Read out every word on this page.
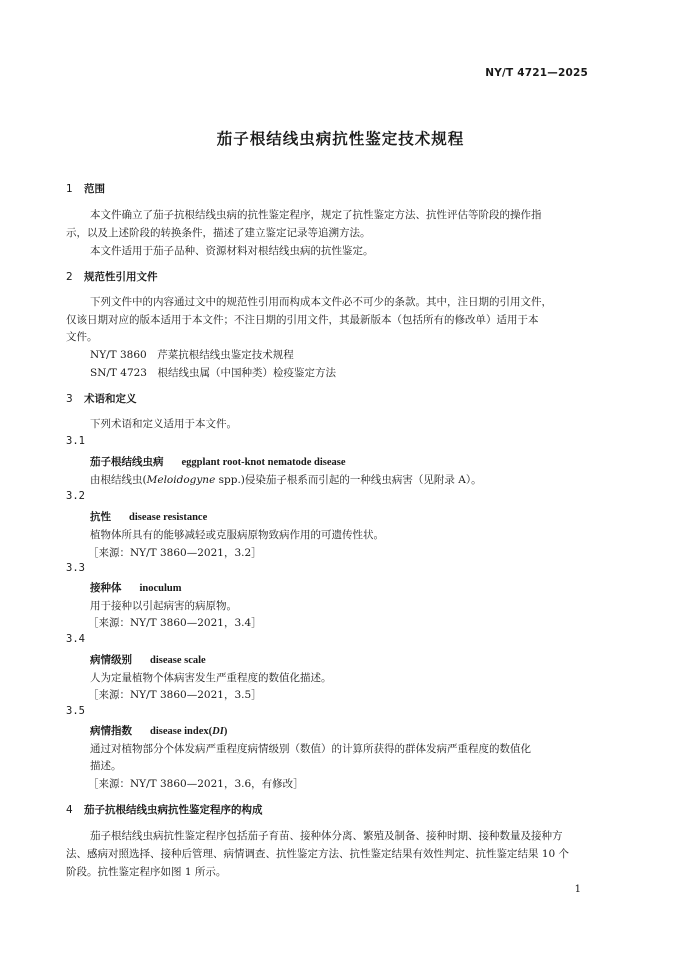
NY/T 4721—2025
茄子根结线虫病抗性鉴定技术规程
1 范围
本文件确立了茄子抗根结线虫病的抗性鉴定程序，规定了抗性鉴定方法、抗性评估等阶段的操作指
示，以及上述阶段的转换条件，描述了建立鉴定记录等追溯方法。
本文件适用于茄子品种、资源材料对根结线虫病的抗性鉴定。
2 规范性引用文件
下列文件中的内容通过文中的规范性引用而构成本文件必不可少的条款。其中，注日期的引用文件，
仅该日期对应的版本适用于本文件；不注日期的引用文件，其最新版本（包括所有的修改单）适用于本
文件。
NY/T 3860　芹菜抗根结线虫鉴定技术规程
SN/T 4723　根结线虫属（中国种类）检疫鉴定方法
3 术语和定义
下列术语和定义适用于本文件。
3.1
茄子根结线虫病 eggplant root-knot nematode disease
由根结线虫(Meloidogyne spp.)侵染茄子根系而引起的一种线虫病害（见附录 A）。
3.2
抗性 disease resistance
植物体所具有的能够减轻或克服病原物致病作用的可遗传性状。
［来源：NY/T 3860—2021，3.2］
3.3
接种体 inoculum
用于接种以引起病害的病原物。
［来源：NY/T 3860—2021，3.4］
3.4
病情级别 disease scale
人为定量植物个体病害发生严重程度的数值化描述。
［来源：NY/T 3860—2021，3.5］
3.5
病情指数 disease index(DI)
通过对植物部分个体发病严重程度病情级别（数值）的计算所获得的群体发病严重程度的数值化
描述。
［来源：NY/T 3860—2021，3.6，有修改］
4 茄子抗根结线虫病抗性鉴定程序的构成
茄子根结线虫病抗性鉴定程序包括茄子育苗、接种体分离、繁殖及制备、接种时期、接种数量及接种方
法、感病对照选择、接种后管理、病情调查、抗性鉴定方法、抗性鉴定结果有效性判定、抗性鉴定结果 10 个
阶段。抗性鉴定程序如图 1 所示。
1
